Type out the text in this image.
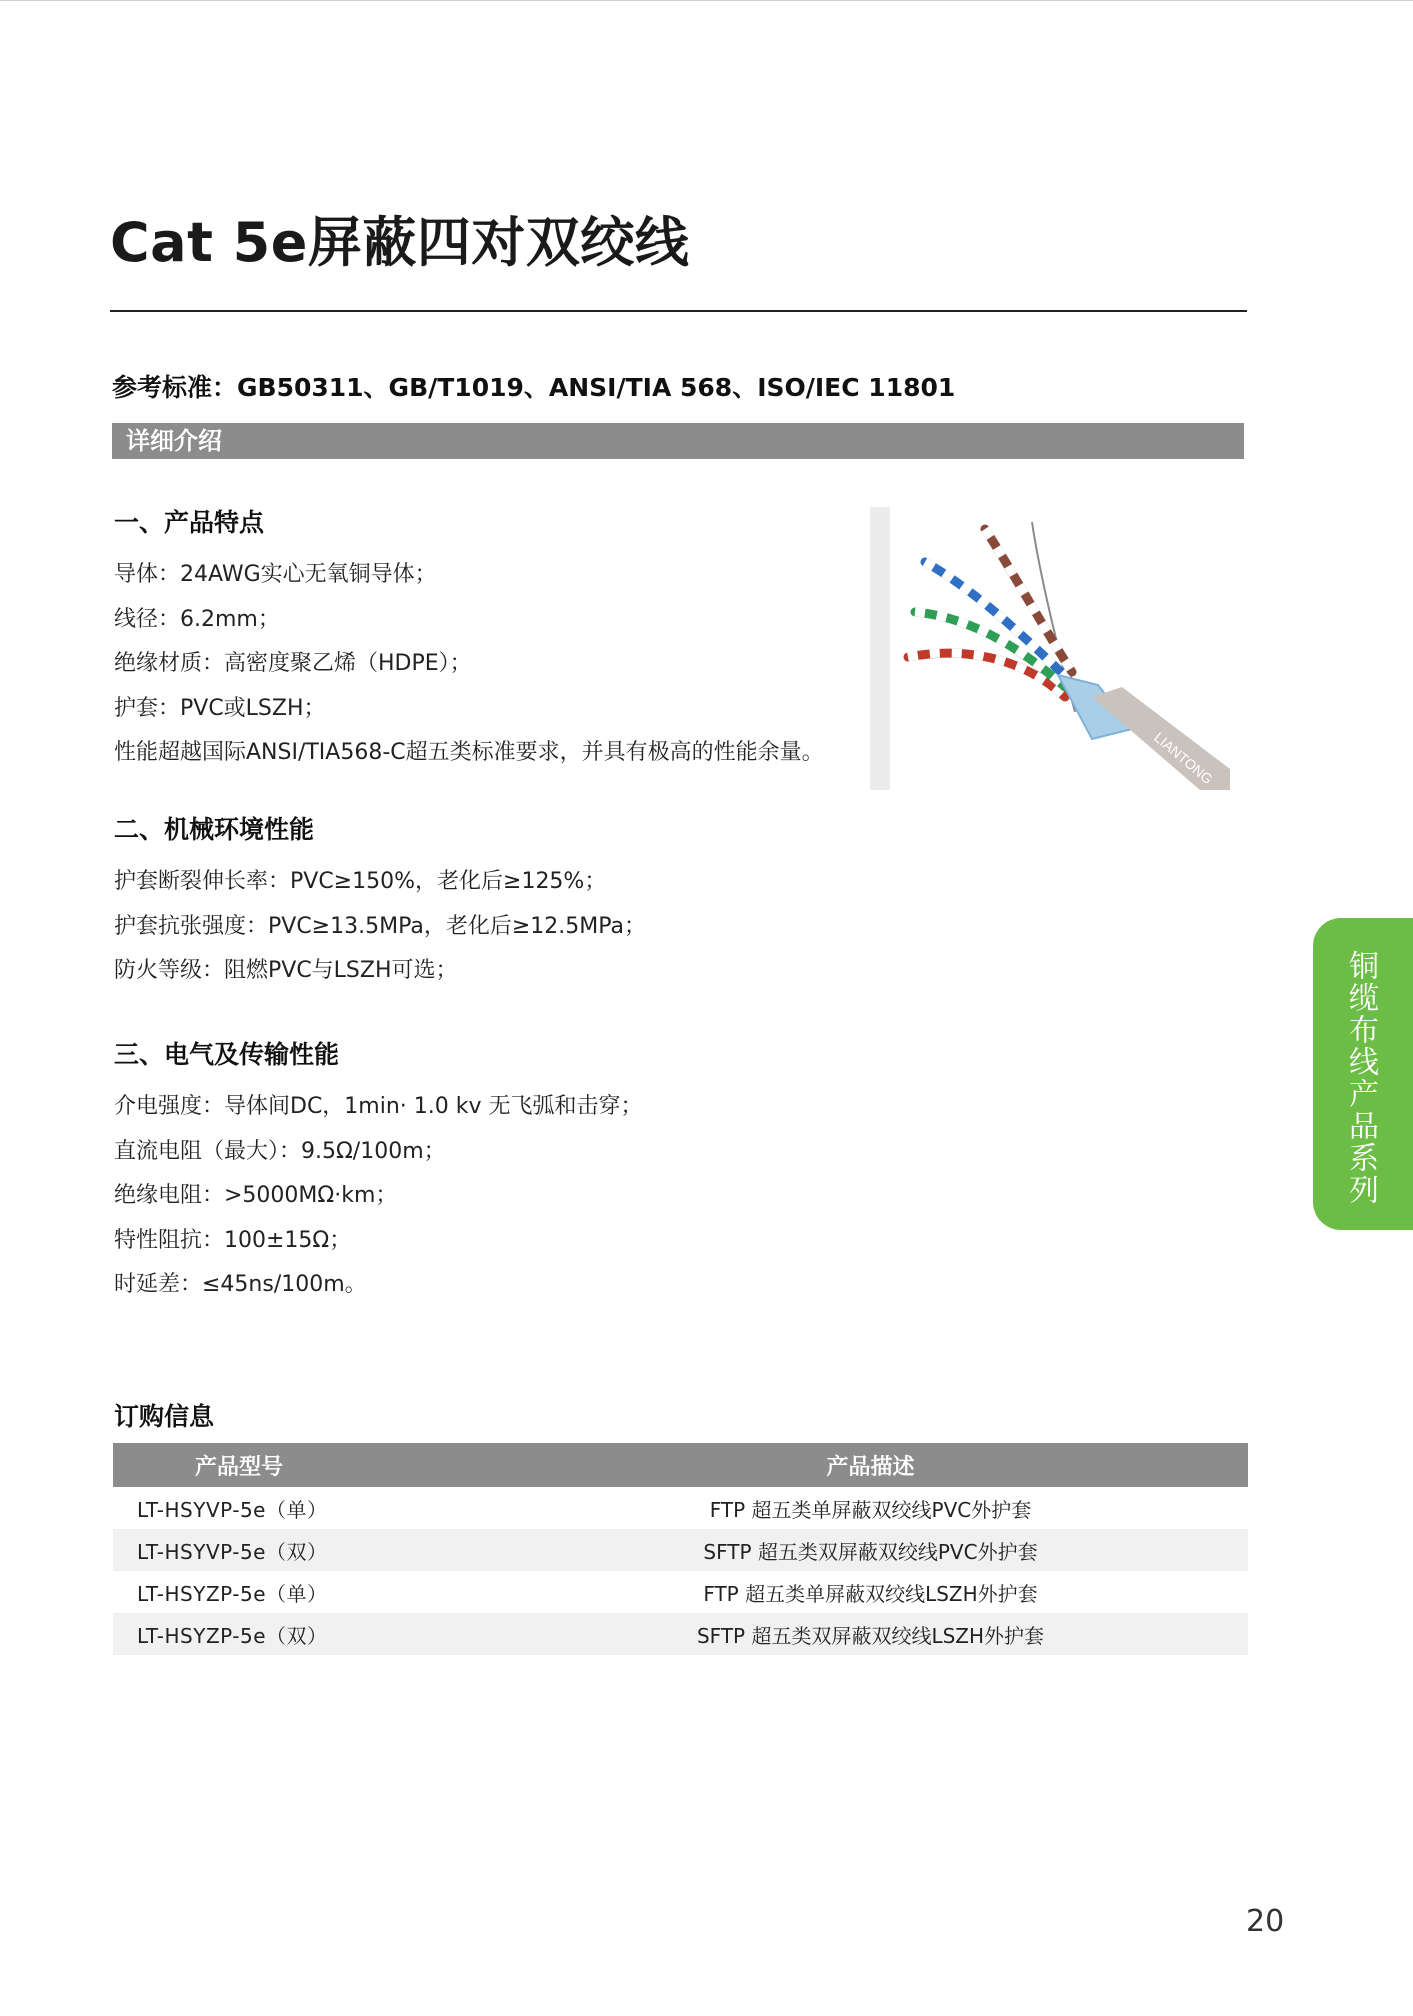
Cat 5e屏蔽四对双绞线
参考标准：GB50311、GB/T1019、ANSI/TIA 568、ISO/IEC 11801
详细介绍
一、产品特点
导体：24AWG实心无氧铜导体；
线径：6.2mm；
绝缘材质：高密度聚乙烯（HDPE）；
护套：PVC或LSZH；
性能超越国际ANSI/TIA568-C超五类标准要求，并具有极高的性能余量。
二、机械环境性能
护套断裂伸长率：PVC≥150%，老化后≥125%；
护套抗张强度：PVC≥13.5MPa，老化后≥12.5MPa；
防火等级：阻燃PVC与LSZH可选；
三、电气及传输性能
介电强度：导体间DC，1min· 1.0 kv 无飞弧和击穿；
直流电阻（最大）：9.5Ω/100m；
绝缘电阻：>5000MΩ·km；
特性阻抗：100±15Ω；
时延差：≤45ns/100m。
LIANTONG
铜缆布线产品系列
订购信息
产品型号	产品描述
LT-HSYVP-5e（单）	FTP 超五类单屏蔽双绞线PVC外护套
LT-HSYVP-5e（双）	SFTP 超五类双屏蔽双绞线PVC外护套
LT-HSYZP-5e（单）	FTP 超五类单屏蔽双绞线LSZH外护套
LT-HSYZP-5e（双）	SFTP 超五类双屏蔽双绞线LSZH外护套
20
